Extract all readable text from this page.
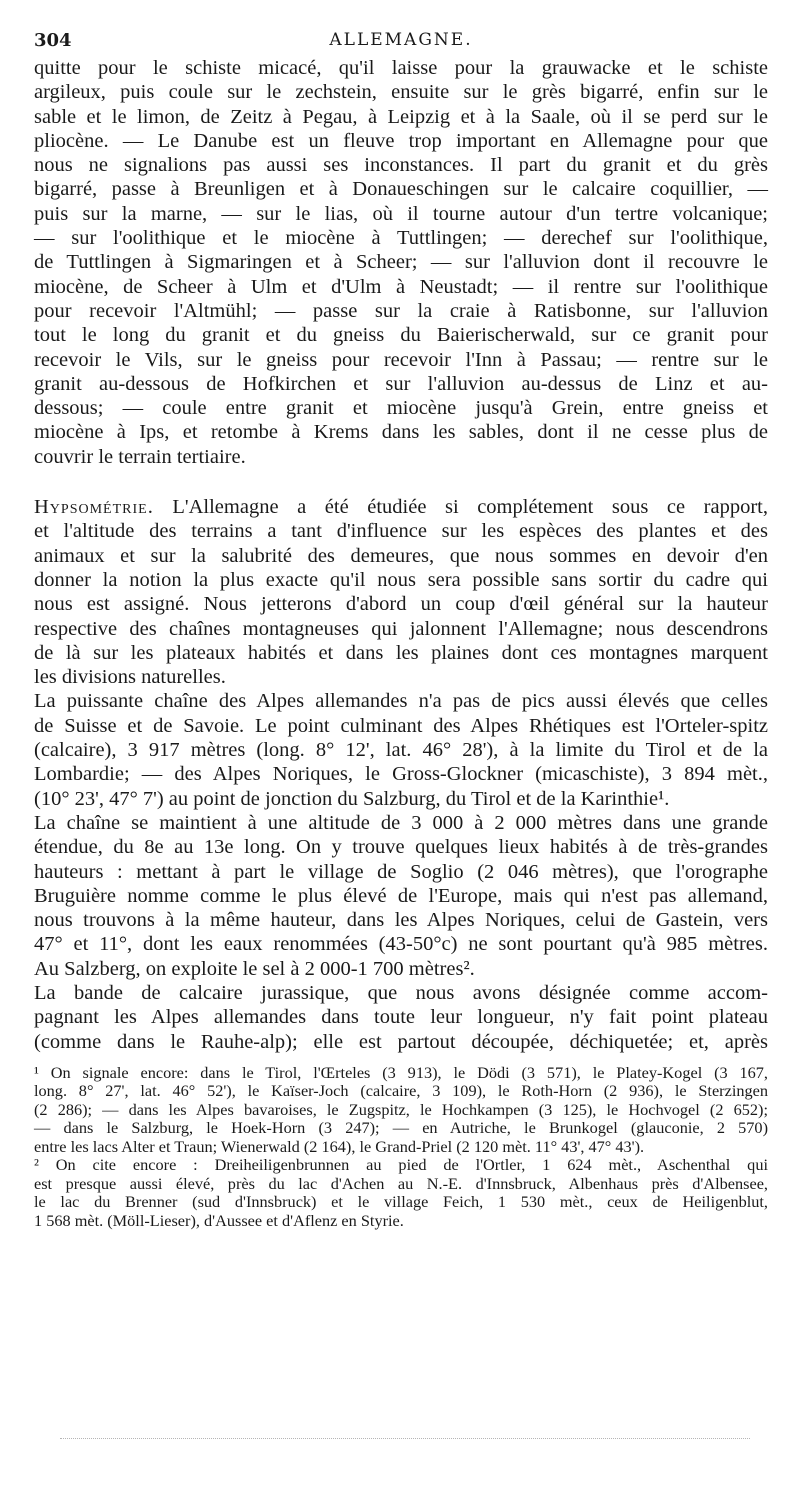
304	ALLEMAGNE.
quitte pour le schiste micacé, qu'il laisse pour la grauwacke et le schiste
argileux, puis coule sur le zechstein, ensuite sur le grès bigarré, enfin sur le
sable et le limon, de Zeitz à Pegau, à Leipzig et à la Saale, où il se perd sur le
pliocène. — Le Danube est un fleuve trop important en Allemagne pour que
nous ne signalions pas aussi ses inconstances. Il part du granit et du grès
bigarré, passe à Breunligen et à Donaueschingen sur le calcaire coquillier, —
puis sur la marne, — sur le lias, où il tourne autour d'un tertre volcanique;
— sur l'oolithique et le miocène à Tuttlingen; — derechef sur l'oolithique,
de Tuttlingen à Sigmaringen et à Scheer; — sur l'alluvion dont il recouvre le
miocène, de Scheer à Ulm et d'Ulm à Neustadt; — il rentre sur l'oolithique
pour recevoir l'Altmühl; — passe sur la craie à Ratisbonne, sur l'alluvion
tout le long du granit et du gneiss du Baierischerwald, sur ce granit pour
recevoir le Vils, sur le gneiss pour recevoir l'Inn à Passau; — rentre sur le
granit au-dessous de Hofkirchen et sur l'alluvion au-dessus de Linz et au-
dessous; — coule entre granit et miocène jusqu'à Grein, entre gneiss et
miocène à Ips, et retombe à Krems dans les sables, dont il ne cesse plus de
couvrir le terrain tertiaire.
Hypsométrie. L'Allemagne a été étudiée si complétement sous ce rapport,
et l'altitude des terrains a tant d'influence sur les espèces des plantes et des
animaux et sur la salubrité des demeures, que nous sommes en devoir d'en
donner la notion la plus exacte qu'il nous sera possible sans sortir du cadre qui
nous est assigné. Nous jetterons d'abord un coup d'œil général sur la hauteur
respective des chaînes montagneuses qui jalonnent l'Allemagne; nous descendrons
de là sur les plateaux habités et dans les plaines dont ces montagnes marquent
les divisions naturelles.
La puissante chaîne des Alpes allemandes n'a pas de pics aussi élevés que celles
de Suisse et de Savoie. Le point culminant des Alpes Rhétiques est l'Orteler-spitz
(calcaire), 3 917 mètres (long. 8° 12', lat. 46° 28'), à la limite du Tirol et de la
Lombardie; — des Alpes Noriques, le Gross-Glockner (micaschiste), 3 894 mèt.,
(10° 23', 47° 7') au point de jonction du Salzburg, du Tirol et de la Karinthie¹.
La chaîne se maintient à une altitude de 3 000 à 2 000 mètres dans une grande
étendue, du 8e au 13e long. On y trouve quelques lieux habités à de très-grandes
hauteurs : mettant à part le village de Soglio (2 046 mètres), que l'orographe
Bruguière nomme comme le plus élevé de l'Europe, mais qui n'est pas allemand,
nous trouvons à la même hauteur, dans les Alpes Noriques, celui de Gastein, vers
47° et 11°, dont les eaux renommées (43-50°c) ne sont pourtant qu'à 985 mètres.
Au Salzberg, on exploite le sel à 2 000-1 700 mètres².
La bande de calcaire jurassique, que nous avons désignée comme accom-
pagnant les Alpes allemandes dans toute leur longueur, n'y fait point plateau
(comme dans le Rauhe-alp); elle est partout découpée, déchiquetée; et, après
¹ On signale encore: dans le Tirol, l'Œrteles (3 913), le Dödi (3 571), le Platey-Kogel (3 167,
long. 8° 27', lat. 46° 52'), le Kaïser-Joch (calcaire, 3 109), le Roth-Horn (2 936), le Sterzingen
(2 286); — dans les Alpes bavaroises, le Zugspitz, le Hochkampen (3 125), le Hochvogel (2 652);
— dans le Salzburg, le Hoek-Horn (3 247); — en Autriche, le Brunkogel (glauconie, 2 570)
entre les lacs Alter et Traun; Wienerwald (2 164), le Grand-Priel (2 120 mèt. 11° 43', 47° 43').
² On cite encore : Dreiheiligenbrunnen au pied de l'Ortler, 1 624 mèt., Aschenthal qui
est presque aussi élevé, près du lac d'Achen au N.-E. d'Innsbruck, Albenhaus près d'Albensee,
le lac du Brenner (sud d'Innsbruck) et le village Feich, 1 530 mèt., ceux de Heiligenblut,
1 568 mèt. (Möll-Lieser), d'Aussee et d'Aflenz en Styrie.
